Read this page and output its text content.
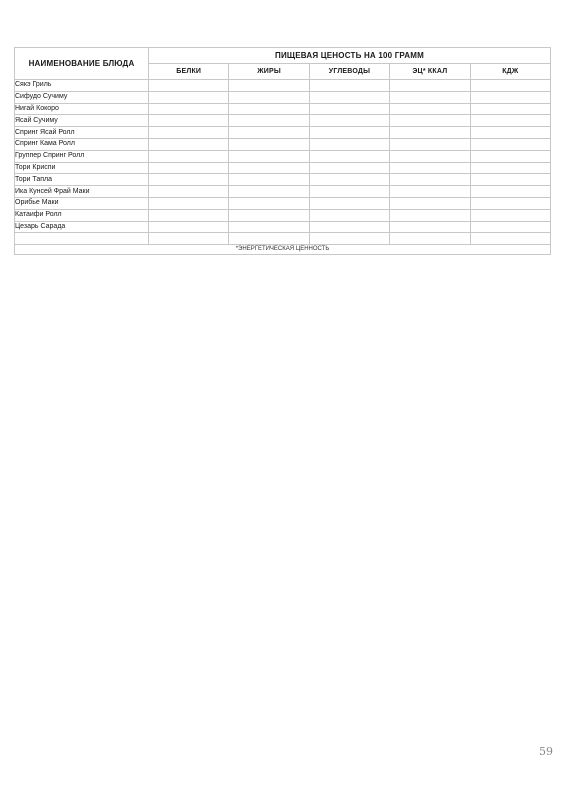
НАИМЕНОВАНИЕ БЛЮДА	ПИЩЕВАЯ ЦЕНОСТЬ НА 100 ГРАММ				
	БЕЛКИ	ЖИРЫ	УГЛЕВОДЫ	ЭЦ* ККАЛ	КДЖ
Сякэ Гриль					
Сифудо Сучиму					
Нигай Кокоро					
Ясай Сучиму					
Спринг Ясай Ролл					
Спринг Кама Ролл					
Группер Спринг Ролл					
Тори Криспи					
Тори Тапла					
Ика Кунсей Фрай Маки					
Орибье Маки					
Катаифи Ролл					
Цезарь Сарада					

*ЭНЕРГЕТИЧЕСКАЯ ЦЕННОСТЬ					
59
